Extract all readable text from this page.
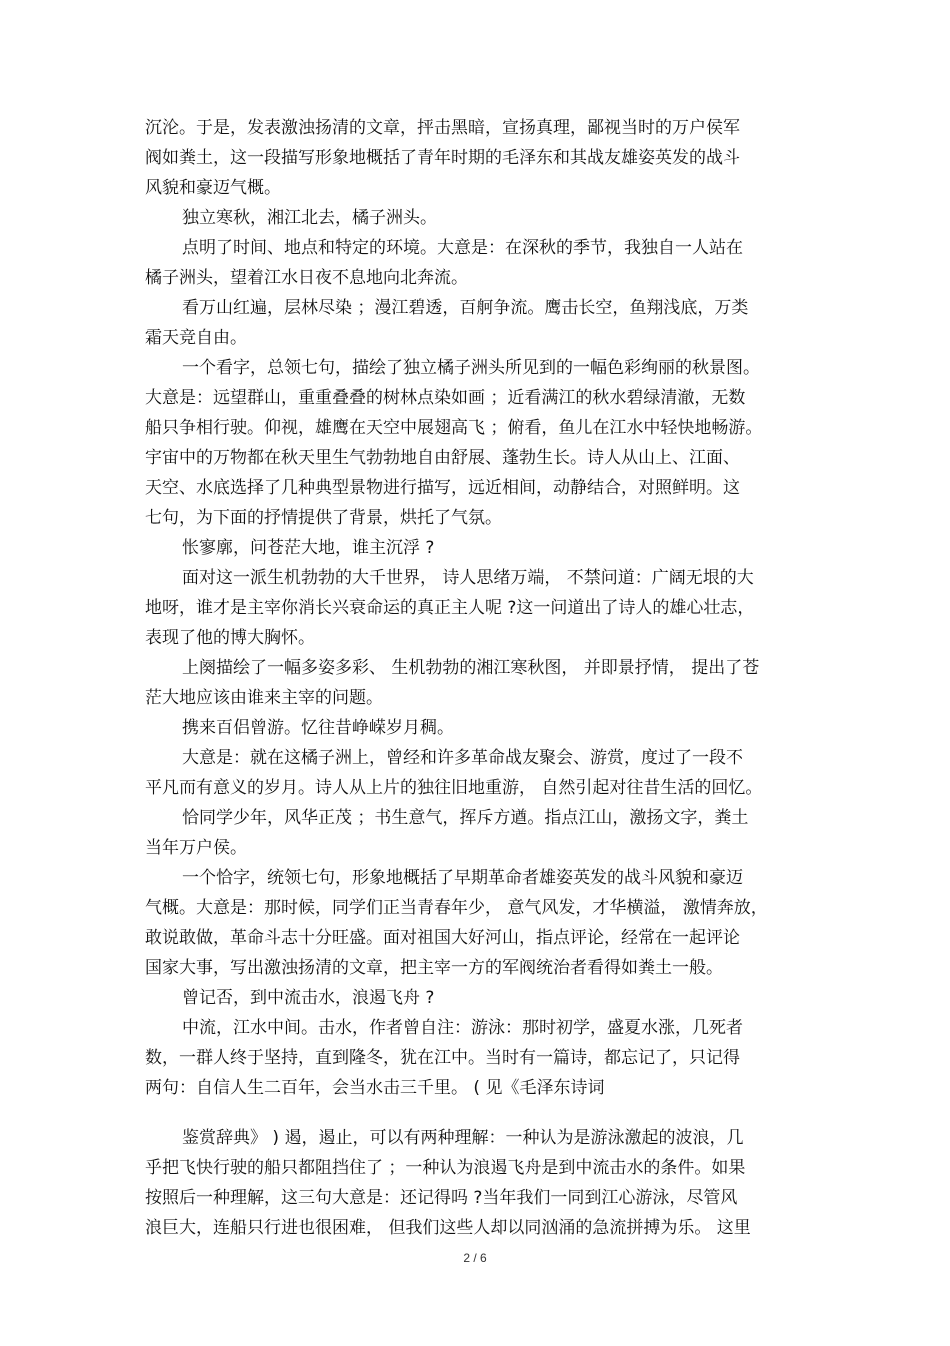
沉沦。于是，发表激浊扬清的文章，抨击黑暗，宣扬真理，鄙视当时的万户侯军
阀如粪土，这一段描写形象地概括了青年时期的毛泽东和其战友雄姿英发的战斗
风貌和豪迈气概。
独立寒秋，湘江北去，橘子洲头。
点明了时间、地点和特定的环境。大意是：在深秋的季节，我独自一人站在
橘子洲头，望着江水日夜不息地向北奔流。
看万山红遍，层林尽染 ；漫江碧透，百舸争流。鹰击长空，鱼翔浅底，万类
霜天竞自由。
一个看字，总领七句，描绘了独立橘子洲头所见到的一幅色彩绚丽的秋景图。
大意是：远望群山，重重叠叠的树林点染如画 ；近看满江的秋水碧绿清澈，无数
船只争相行驶。仰视，雄鹰在天空中展翅高飞 ；俯看，鱼儿在江水中轻快地畅游。
宇宙中的万物都在秋天里生气勃勃地自由舒展、蓬勃生长。诗人从山上、江面、
天空、水底选择了几种典型景物进行描写，远近相间，动静结合，对照鲜明。这
七句，为下面的抒情提供了背景，烘托了气氛。
怅寥廓，问苍茫大地，谁主沉浮 ?
面对这一派生机勃勃的大千世界， 诗人思绪万端， 不禁问道：广阔无垠的大
地呀，谁才是主宰你消长兴衰命运的真正主人呢 ?这一问道出了诗人的雄心壮志，
表现了他的博大胸怀。
上阕描绘了一幅多姿多彩、 生机勃勃的湘江寒秋图， 并即景抒情， 提出了苍
茫大地应该由谁来主宰的问题。
携来百侣曾游。忆往昔峥嵘岁月稠。
大意是：就在这橘子洲上，曾经和许多革命战友聚会、游赏，度过了一段不
平凡而有意义的岁月。诗人从上片的独往旧地重游， 自然引起对往昔生活的回忆。
恰同学少年，风华正茂 ；书生意气，挥斥方遒。指点江山，激扬文字，粪土
当年万户侯。
一个恰字，统领七句，形象地概括了早期革命者雄姿英发的战斗风貌和豪迈
气概。大意是：那时候，同学们正当青春年少， 意气风发，才华横溢， 激情奔放，
敢说敢做，革命斗志十分旺盛。面对祖国大好河山，指点评论，经常在一起评论
国家大事，写出激浊扬清的文章，把主宰一方的军阀统治者看得如粪土一般。
曾记否，到中流击水，浪遏飞舟 ?
中流，江水中间。击水，作者曾自注：游泳：那时初学，盛夏水涨，几死者
数，一群人终于坚持，直到隆冬，犹在江中。当时有一篇诗，都忘记了，只记得
两句：自信人生二百年，会当水击三千里。 ( 见《毛泽东诗词
鉴赏辞典》 ) 遏，遏止，可以有两种理解：一种认为是游泳激起的波浪，几
乎把飞快行驶的船只都阻挡住了 ；一种认为浪遏飞舟是到中流击水的条件。如果
按照后一种理解，这三句大意是：还记得吗 ?当年我们一同到江心游泳，尽管风
浪巨大，连船只行进也很困难， 但我们这些人却以同汹涌的急流拼搏为乐。 这里
2 / 6
